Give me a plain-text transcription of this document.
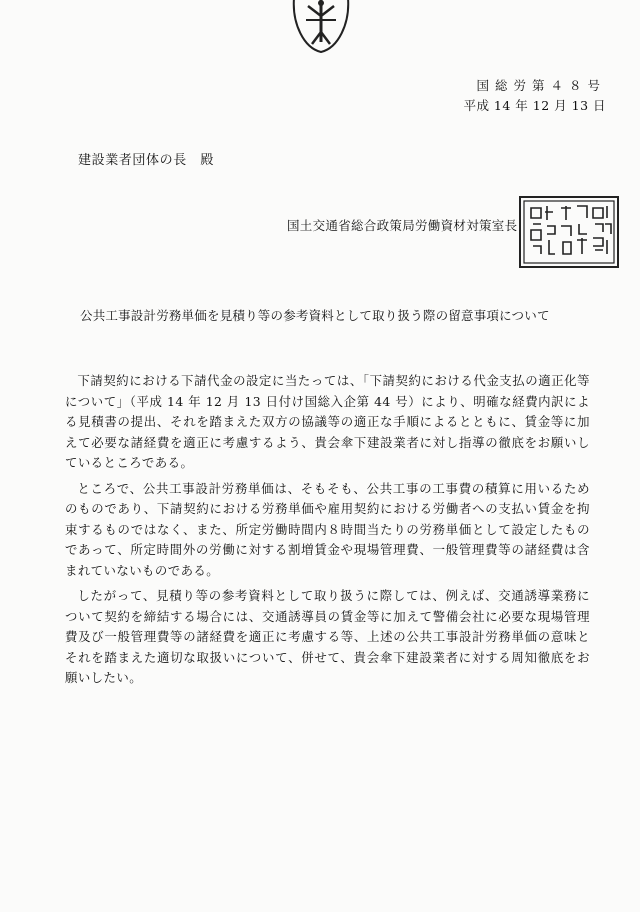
国総労第４８号
平成 14 年 12 月 13 日
建設業者団体の長　殿
国土交通省総合政策局労働資材対策室長
公共工事設計労務単価を見積り等の参考資料として取り扱う際の留意事項について

下請契約における下請代金の設定に当たっては、「下請契約における代金支払の適正化等について」（平成 14 年 12 月 13 日付け国総入企第 44 号）により、明確な経費内訳による見積書の提出、それを踏まえた双方の協議等の適正な手順によるとともに、賃金等に加えて必要な諸経費を適正に考慮するよう、貴会傘下建設業者に対し指導の徹底をお願いしているところである。

ところで、公共工事設計労務単価は、そもそも、公共工事の工事費の積算に用いるためのものであり、下請契約における労務単価や雇用契約における労働者への支払い賃金を拘束するものではなく、また、所定労働時間内８時間当たりの労務単価として設定したものであって、所定時間外の労働に対する割増賃金や現場管理費、一般管理費等の諸経費は含まれていないものである。

したがって、見積り等の参考資料として取り扱うに際しては、例えば、交通誘導業務について契約を締結する場合には、交通誘導員の賃金等に加えて警備会社に必要な現場管理費及び一般管理費等の諸経費を適正に考慮する等、上述の公共工事設計労務単価の意味とそれを踏まえた適切な取扱いについて、併せて、貴会傘下建設業者に対する周知徹底をお願いしたい。
